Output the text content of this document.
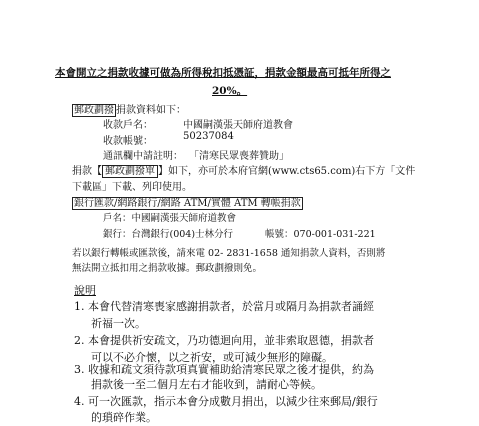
本會開立之捐款收據可做為所得稅扣抵憑証，捐款金額最高可抵年所得之
20%。
郵政劃撥 捐款資料如下：
收款戶名：	中國嗣漢張天師府道教會
收款帳號：	50237084
通訊欄中請註明： 「清寒民眾喪葬贊助」
捐款【 郵政劃撥單 】如下，亦可於本府官網(www.cts65.com)右下方「文件
下載區」下載、列印使用。
銀行匯款/網路銀行/網路 ATM/實體 ATM 轉帳捐款
戶名：中國嗣漢張天師府道教會
銀行：台灣銀行(004)士林分行	帳號：070-001-031-221
若以銀行轉帳或匯款後，請來電 02- 2831-1658 通知捐款人資料，否則將
無法開立抵扣用之捐款收據。郵政劃撥則免。
說明
1. 本會代替清寒喪家感謝捐款者，於當月或隔月為捐款者誦經
祈福一次。
2. 本會提供祈安疏文，乃功德迴向用，並非索取恩德，捐款者
可以不必介懷，以之祈安，或可減少無形的障礙。
3. 收據和疏文須待款項真實補助給清寒民眾之後才提供，約為
捐款後一至二個月左右才能收到，請耐心等候。
4. 可一次匯款，指示本會分成數月捐出，以減少往來郵局/銀行
的瑣碎作業。
